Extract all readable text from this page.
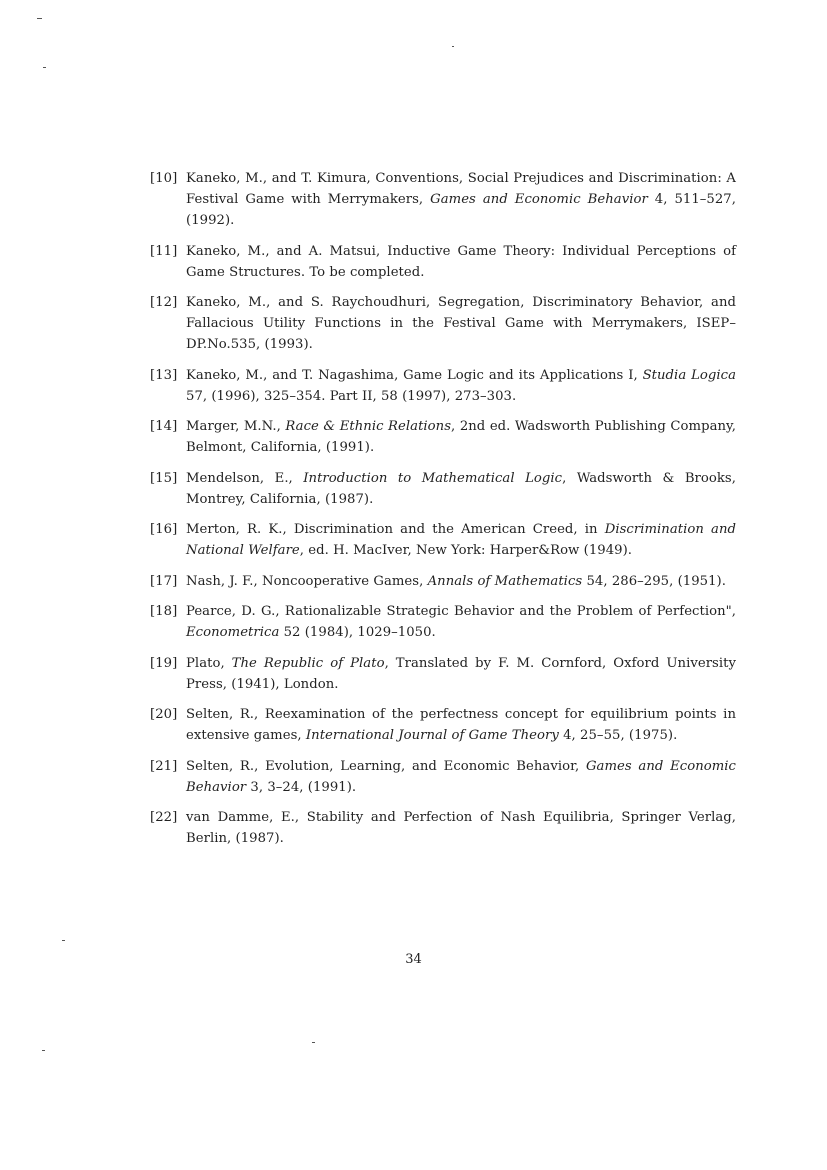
[10] Kaneko, M., and T. Kimura, Conventions, Social Prejudices and Discrimination: A Festival Game with Merrymakers, Games and Economic Behavior 4, 511–527, (1992).
[11] Kaneko, M., and A. Matsui, Inductive Game Theory: Individual Perceptions of Game Structures. To be completed.
[12] Kaneko, M., and S. Raychoudhuri, Segregation, Discriminatory Behavior, and Fallacious Utility Functions in the Festival Game with Merrymakers, ISEP–DP.No.535, (1993).
[13] Kaneko, M., and T. Nagashima, Game Logic and its Applications I, Studia Logica 57, (1996), 325–354. Part II, 58 (1997), 273–303.
[14] Marger, M.N., Race & Ethnic Relations, 2nd ed. Wadsworth Publishing Company, Belmont, California, (1991).
[15] Mendelson, E., Introduction to Mathematical Logic, Wadsworth & Brooks, Montrey, California, (1987).
[16] Merton, R. K., Discrimination and the American Creed, in Discrimination and National Welfare, ed. H. MacIver, New York: Harper&Row (1949).
[17] Nash, J. F., Noncooperative Games, Annals of Mathematics 54, 286–295, (1951).
[18] Pearce, D. G., Rationalizable Strategic Behavior and the Problem of Perfection", Econometrica 52 (1984), 1029–1050.
[19] Plato, The Republic of Plato, Translated by F. M. Cornford, Oxford University Press, (1941), London.
[20] Selten, R., Reexamination of the perfectness concept for equilibrium points in extensive games, International Journal of Game Theory 4, 25–55, (1975).
[21] Selten, R., Evolution, Learning, and Economic Behavior, Games and Economic Behavior 3, 3–24, (1991).
[22] van Damme, E., Stability and Perfection of Nash Equilibria, Springer Verlag, Berlin, (1987).
34
